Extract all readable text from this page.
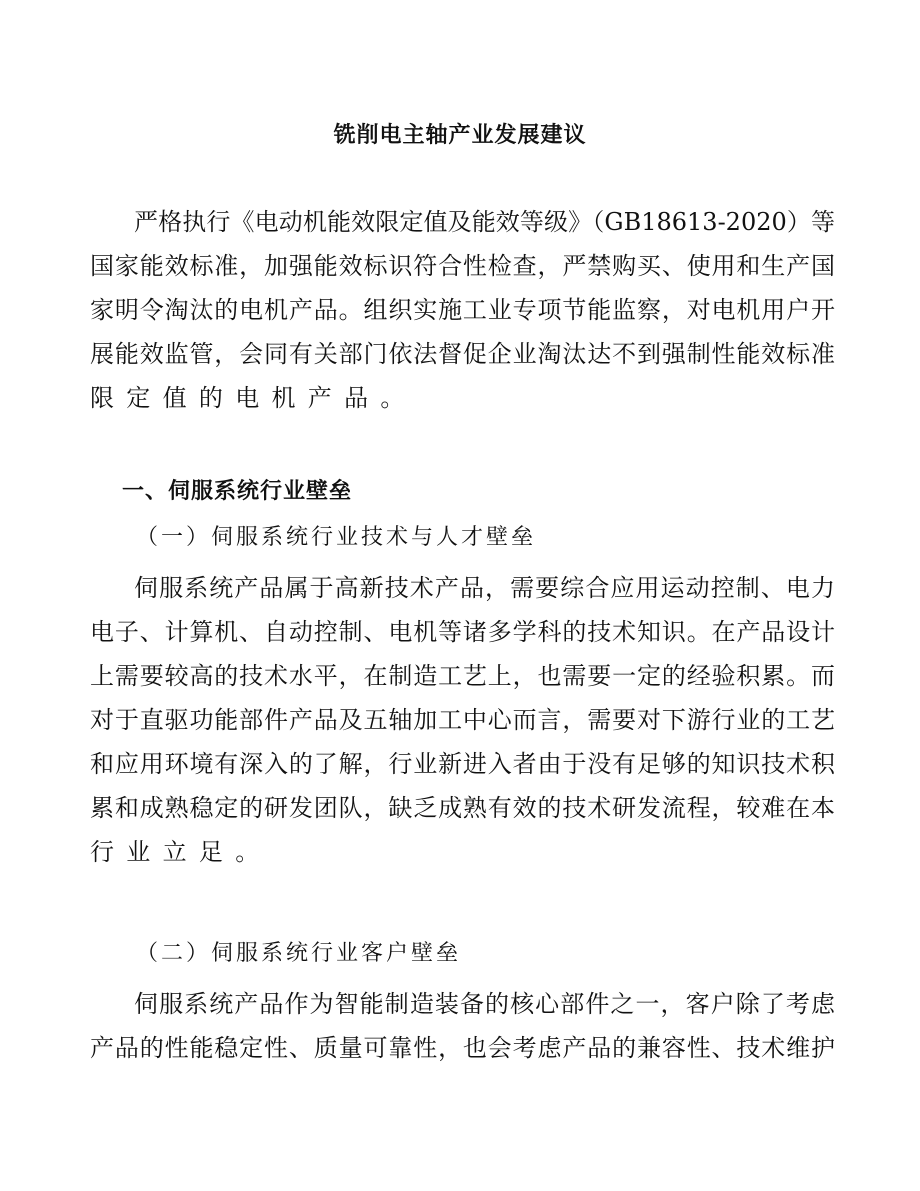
铣削电主轴产业发展建议
严格执行《电动机能效限定值及能效等级》（GB18613-2020）等
国家能效标准，加强能效标识符合性检查，严禁购买、使用和生产国
家明令淘汰的电机产品。组织实施工业专项节能监察，对电机用户开
展能效监管，会同有关部门依法督促企业淘汰达不到强制性能效标准
限定值的电机产品。
一、伺服系统行业壁垒
（一）伺服系统行业技术与人才壁垒
伺服系统产品属于高新技术产品，需要综合应用运动控制、电力
电子、计算机、自动控制、电机等诸多学科的技术知识。在产品设计
上需要较高的技术水平，在制造工艺上，也需要一定的经验积累。而
对于直驱功能部件产品及五轴加工中心而言，需要对下游行业的工艺
和应用环境有深入的了解，行业新进入者由于没有足够的知识技术积
累和成熟稳定的研发团队，缺乏成熟有效的技术研发流程，较难在本
行业立足。
（二）伺服系统行业客户壁垒
伺服系统产品作为智能制造装备的核心部件之一，客户除了考虑
产品的性能稳定性、质量可靠性，也会考虑产品的兼容性、技术维护
